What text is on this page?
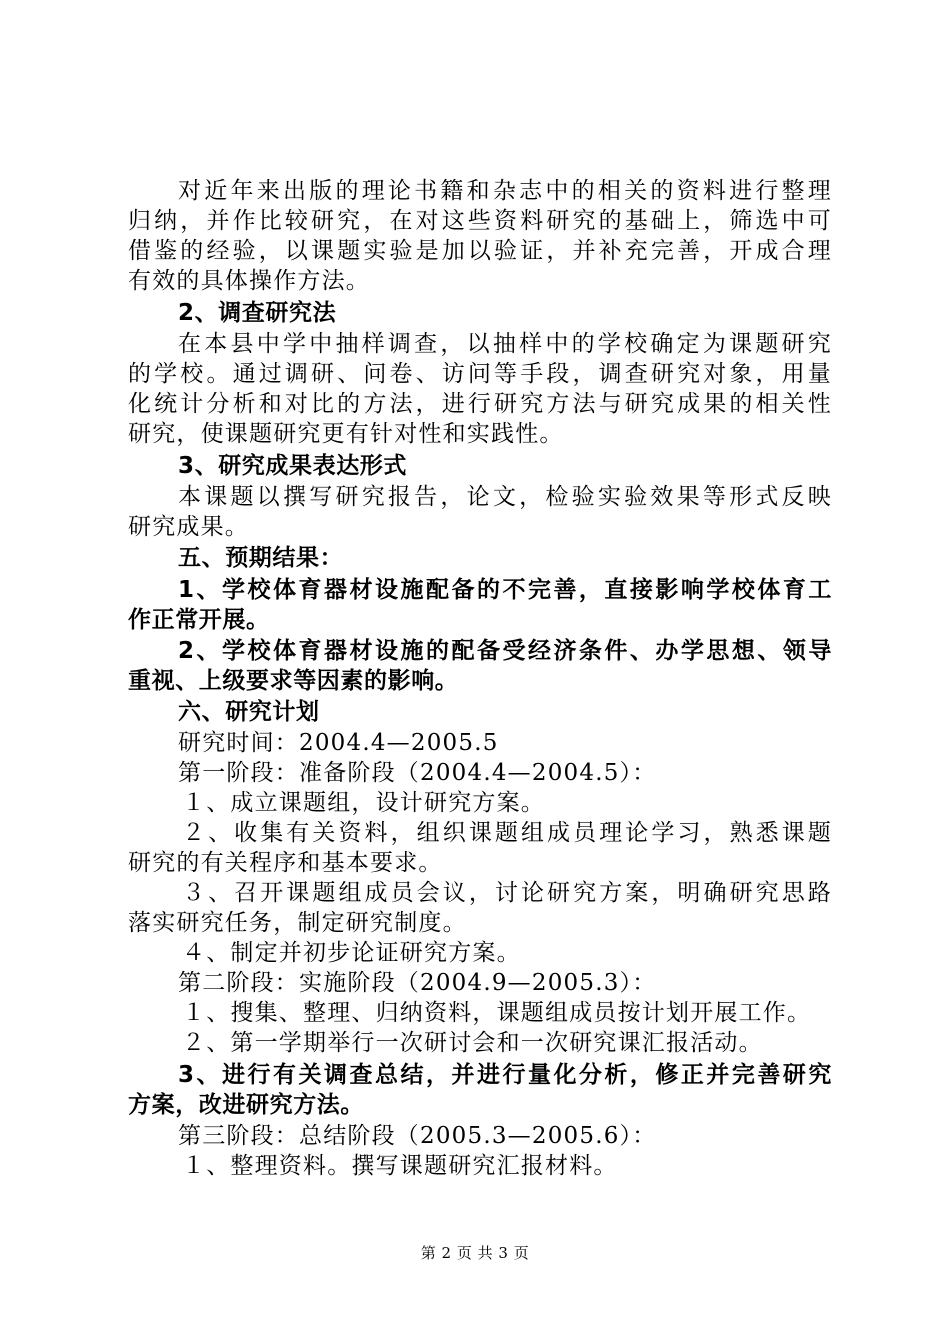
对近年来出版的理论书籍和杂志中的相关的资料进行整理
归纳，并作比较研究，在对这些资料研究的基础上，筛选中可
借鉴的经验，以课题实验是加以验证，并补充完善，开成合理
有效的具体操作方法。
2、调查研究法
在本县中学中抽样调查，以抽样中的学校确定为课题研究
的学校。通过调研、问卷、访问等手段，调查研究对象，用量
化统计分析和对比的方法，进行研究方法与研究成果的相关性
研究，使课题研究更有针对性和实践性。
3、研究成果表达形式
本课题以撰写研究报告，论文，检验实验效果等形式反映
研究成果。
五、预期结果：
1、学校体育器材设施配备的不完善，直接影响学校体育工
作正常开展。
2、学校体育器材设施的配备受经济条件、办学思想、领导
重视、上级要求等因素的影响。
六、研究计划
研究时间：2004.4—2005.5
第一阶段：准备阶段（2004.4—2004.5）：
１、成立课题组，设计研究方案。
２、收集有关资料，组织课题组成员理论学习，熟悉课题
研究的有关程序和基本要求。
３、召开课题组成员会议，讨论研究方案，明确研究思路
落实研究任务，制定研究制度。
４、制定并初步论证研究方案。
第二阶段：实施阶段（2004.9—2005.3）：
１、搜集、整理、归纳资料，课题组成员按计划开展工作。
２、第一学期举行一次研讨会和一次研究课汇报活动。
3、进行有关调查总结，并进行量化分析，修正并完善研究
方案，改进研究方法。
第三阶段：总结阶段（2005.3—2005.6）：
１、整理资料。撰写课题研究汇报材料。
第 2 页 共 3 页
